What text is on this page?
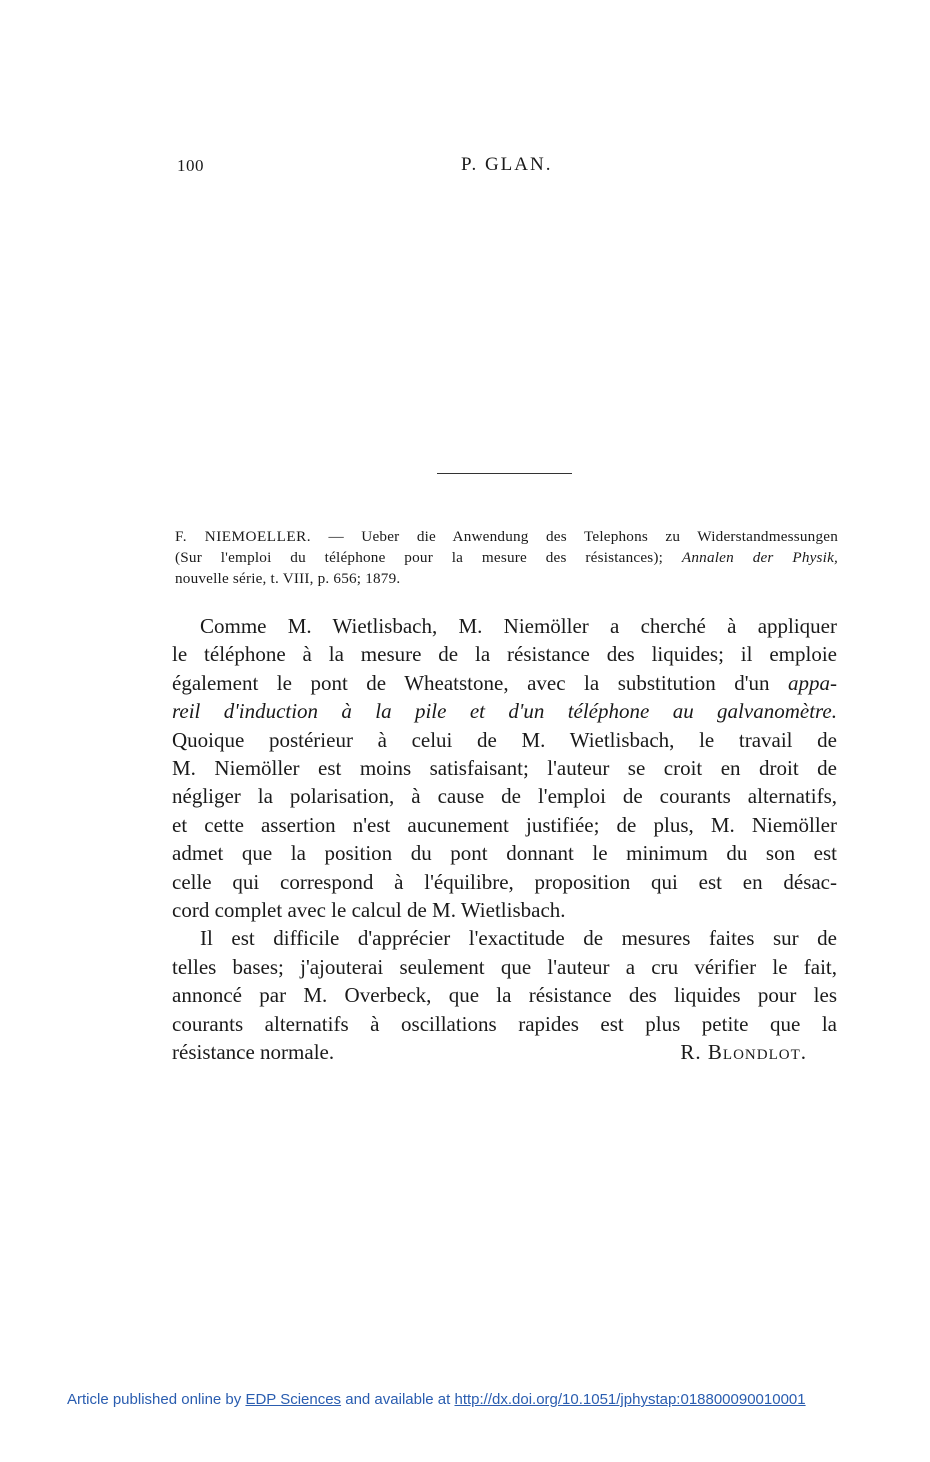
100	P. GLAN.
F. NIEMOELLER. — Ueber die Anwendung des Telephons zu Widerstandmessungen
(Sur l'emploi du téléphone pour la mesure des résistances); Annalen der Physik,
nouvelle série, t. VIII, p. 656; 1879.
Comme M. Wietlisbach, M. Niemöller a cherché à appliquer
le téléphone à la mesure de la résistance des liquides; il emploie
également le pont de Wheatstone, avec la substitution d'un appa-
reil d'induction à la pile et d'un téléphone au galvanomètre.
Quoique postérieur à celui de M. Wietlisbach, le travail de
M. Niemöller est moins satisfaisant; l'auteur se croit en droit de
négliger la polarisation, à cause de l'emploi de courants alternatifs,
et cette assertion n'est aucunement justifiée; de plus, M. Niemöller
admet que la position du pont donnant le minimum du son est
celle qui correspond à l'équilibre, proposition qui est en désac-
cord complet avec le calcul de M. Wietlisbach.
Il est difficile d'apprécier l'exactitude de mesures faites sur de
telles bases; j'ajouterai seulement que l'auteur a cru vérifier le fait,
annoncé par M. Overbeck, que la résistance des liquides pour les
courants alternatifs à oscillations rapides est plus petite que la
résistance normale.	R. Blondlot.
Article published online by EDP Sciences and available at http://dx.doi.org/10.1051/jphystap:018800090010001
